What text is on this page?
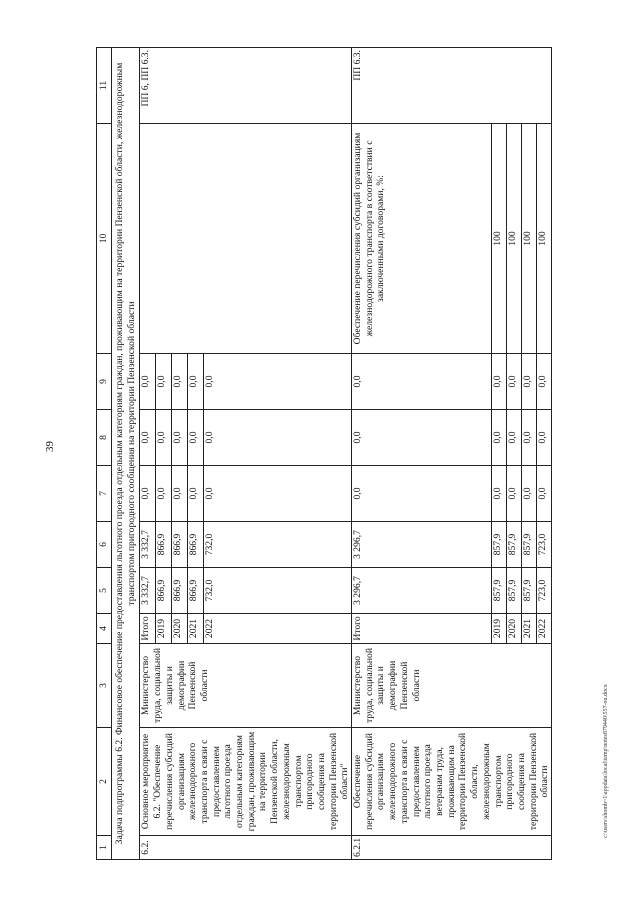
39
c:\users\shomb~1\appdata\local\temp\notes879440\557-ou.docx
1	2	3	4	5	6	7	8	9	10	11
Задача подпрограммы 6.2. Финансовое обеспечение предоставления льготного проезда отдельным категориям граждан, проживающим на территории Пензенской области, железнодорожным транспортом пригородного сообщения на территории Пензенской области										
6.2.	Основное мероприятие 6.2. "Обеспечение перечисления субсидий организациям железнодорожного транспорта в связи с предоставлением льготного проезда отдельным категориям граждан, проживающим на территории Пензенской области, железнодорожным транспортом пригородного сообщения на территории Пензенской области"	Министерство труда, социальной защиты и демографии Пензенской области	Итого	3 332,7	3 332,7	0,0	0,0	0,0		ПП 6, ПП 6.3.
			2019	866,9	866,9	0,0	0,0	0,0		
			2020	866,9	866,9	0,0	0,0	0,0		
			2021	866,9	866,9	0,0	0,0	0,0		
			2022	732,0	732,0	0,0	0,0	0,0		
6.2.1	Обеспечение перечисления субсидий организациям железнодорожного транспорта в связи с предоставлением льготного проезда ветеранам труда, проживающим на территории Пензенской области, железнодорожным транспортом пригородного сообщения на территории Пензенской области	Министерство труда, социальной защиты и демографии Пензенской области	Итого	3 296,7	3 296,7	0,0	0,0	0,0	Обеспечение перечисления субсидий организациям железнодорожного транспорта в соответствии с заключенными договорами, %:	ПП 6.3.
			2019	857,9	857,9	0,0	0,0	0,0	100	
			2020	857,9	857,9	0,0	0,0	0,0	100	
			2021	857,9	857,9	0,0	0,0	0,0	100	
			2022	723,0	723,0	0,0	0,0	0,0	100	
